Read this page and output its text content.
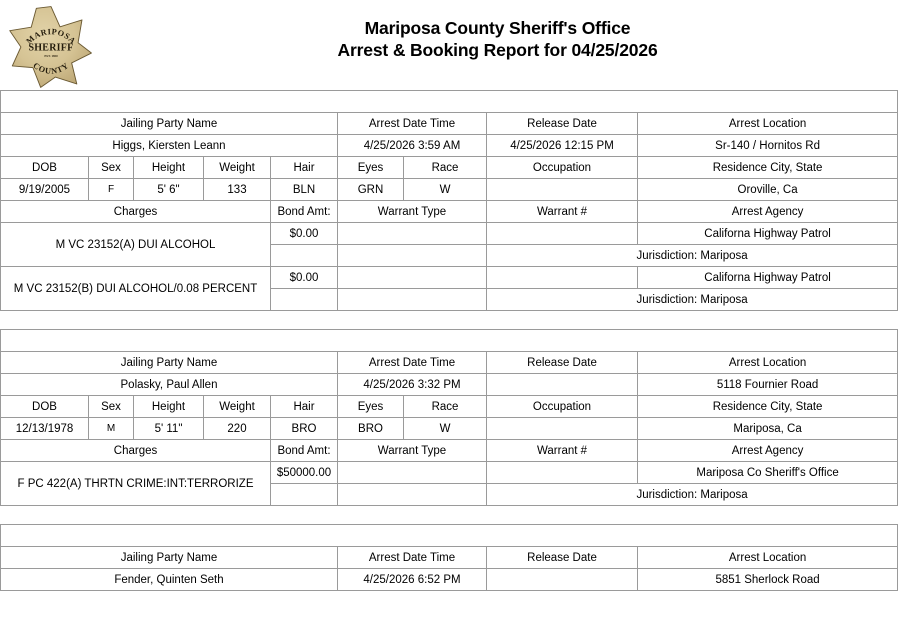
MARIPOSA
SHERIFF
EST. 1850
COUNTY
Mariposa County Sheriff's Office
Arrest & Booking Report for 04/25/2026
Booking # 2026-00163								
Jailing Party Name					Arrest Date Time		Release Date	Arrest Location
Higgs, Kiersten Leann					4/25/2026 3:59 AM		4/25/2026 12:15 PM	Sr-140 / Hornitos Rd
DOB	Sex	Height	Weight	Hair	Eyes	Race	Occupation	Residence City, State
9/19/2005	F	5' 6"	133	BLN	GRN	W		Oroville, Ca
Charges				Bond Amt:	Warrant Type		Warrant #	Arrest Agency
M VC 23152(A) DUI ALCOHOL				$0.00				Californa Highway Patrol
							Jurisdiction: Mariposa	
M VC 23152(B) DUI ALCOHOL/0.08 PERCENT				$0.00				Californa Highway Patrol
							Jurisdiction: Mariposa	
Booking # 2026-00164								
Jailing Party Name					Arrest Date Time		Release Date	Arrest Location
Polasky, Paul Allen					4/25/2026 3:32 PM			5118 Fournier Road
DOB	Sex	Height	Weight	Hair	Eyes	Race	Occupation	Residence City, State
12/13/1978	M	5' 11"	220	BRO	BRO	W		Mariposa, Ca
Charges				Bond Amt:	Warrant Type		Warrant #	Arrest Agency
F PC 422(A) THRTN CRIME:INT:TERRORIZE				$50000.00				Mariposa Co Sheriff's Office
							Jurisdiction: Mariposa	
Booking # 2026-00165			
Jailing Party Name	Arrest Date Time	Release Date	Arrest Location
Fender, Quinten Seth	4/25/2026 6:52 PM		5851 Sherlock Road
